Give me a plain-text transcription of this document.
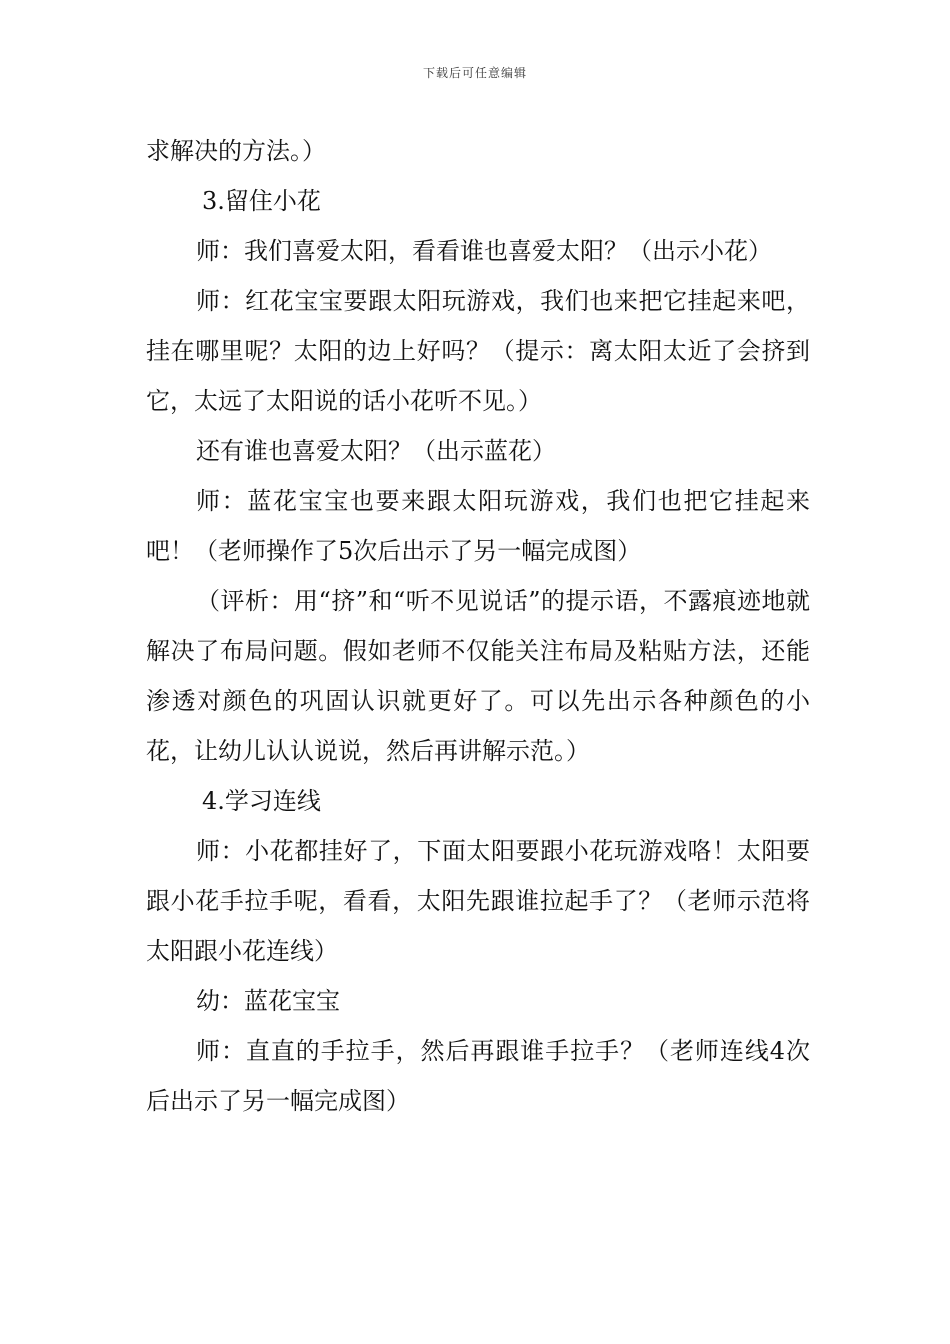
下载后可任意编辑

求解决的方法。）

3.留住小花

师：我们喜爱太阳，看看谁也喜爱太阳？（出示小花）

师：红花宝宝要跟太阳玩游戏，我们也来把它挂起来吧，挂在哪里呢？太阳的边上好吗？（提示：离太阳太近了会挤到它，太远了太阳说的话小花听不见。）

还有谁也喜爱太阳？（出示蓝花）

师：蓝花宝宝也要来跟太阳玩游戏，我们也把它挂起来吧！（老师操作了5次后出示了另一幅完成图）

（评析：用“挤”和“听不见说话”的提示语，不露痕迹地就解决了布局问题。假如老师不仅能关注布局及粘贴方法，还能渗透对颜色的巩固认识就更好了。可以先出示各种颜色的小花，让幼儿认认说说，然后再讲解示范。）

4.学习连线

师：小花都挂好了，下面太阳要跟小花玩游戏咯！太阳要跟小花手拉手呢，看看，太阳先跟谁拉起手了？（老师示范将太阳跟小花连线）

幼：蓝花宝宝

师：直直的手拉手，然后再跟谁手拉手？（老师连线4次后出示了另一幅完成图）
